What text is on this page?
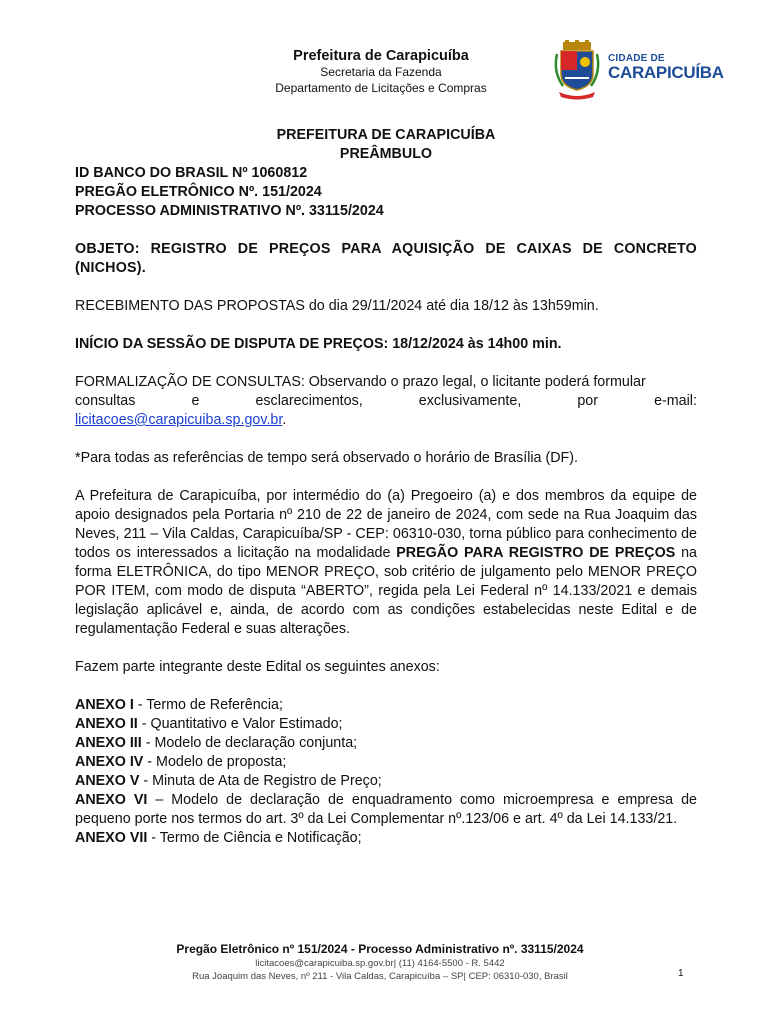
Prefeitura de Carapicuíba
Secretaria da Fazenda
Departamento de Licitações e Compras
CIDADE DE
CARAPICUÍBA

PREFEITURA DE CARAPICUÍBA

PREÂMBULO

ID BANCO DO BRASIL Nº 1060812

PREGÃO ELETRÔNICO Nº. 151/2024

PROCESSO ADMINISTRATIVO Nº. 33115/2024

OBJETO: REGISTRO DE PREÇOS PARA AQUISIÇÃO DE CAIXAS DE CONCRETO (NICHOS).

RECEBIMENTO DAS PROPOSTAS do dia 29/11/2024 até dia 18/12 às 13h59min.

INÍCIO DA SESSÃO DE DISPUTA DE PREÇOS: 18/12/2024 às 14h00 min.

FORMALIZAÇÃO DE CONSULTAS: Observando o prazo legal, o licitante poderá formular

consultas	e	esclarecimentos,	exclusivamente,	por	e-mail:

licitacoes@carapicuiba.sp.gov.br.

*Para todas as referências de tempo será observado o horário de Brasília (DF).

A Prefeitura de Carapicuíba, por intermédio do (a) Pregoeiro (a) e dos membros da equipe de apoio designados pela Portaria nº 210 de 22 de janeiro de 2024, com sede na Rua Joaquim das Neves, 211 – Vila Caldas, Carapicuíba/SP - CEP: 06310-030, torna público para conhecimento de todos os interessados a licitação na modalidade PREGÃO PARA REGISTRO DE PREÇOS na forma ELETRÔNICA, do tipo MENOR PREÇO, sob critério de julgamento pelo MENOR PREÇO POR ITEM, com modo de disputa “ABERTO”, regida pela Lei Federal nº 14.133/2021 e demais legislação aplicável e, ainda, de acordo com as condições estabelecidas neste Edital e de regulamentação Federal e suas alterações.

Fazem parte integrante deste Edital os seguintes anexos:

ANEXO I - Termo de Referência;

ANEXO II - Quantitativo e Valor Estimado;

ANEXO III - Modelo de declaração conjunta;

ANEXO IV - Modelo de proposta;

ANEXO V - Minuta de Ata de Registro de Preço;

ANEXO VI – Modelo de declaração de enquadramento como microempresa e empresa de pequeno porte nos termos do art. 3º da Lei Complementar nº.123/06 e art. 4º da Lei 14.133/21.

ANEXO VII - Termo de Ciência e Notificação;

Pregão Eletrônico nº 151/2024 - Processo Administrativo nº. 33115/2024
licitacoes@carapicuiba.sp.gov.br| (11) 4164-5500 - R. 5442
Rua Joaquim das Neves, nº 211 - Vila Caldas, Carapicuíba – SP| CEP: 06310-030, Brasil	1
